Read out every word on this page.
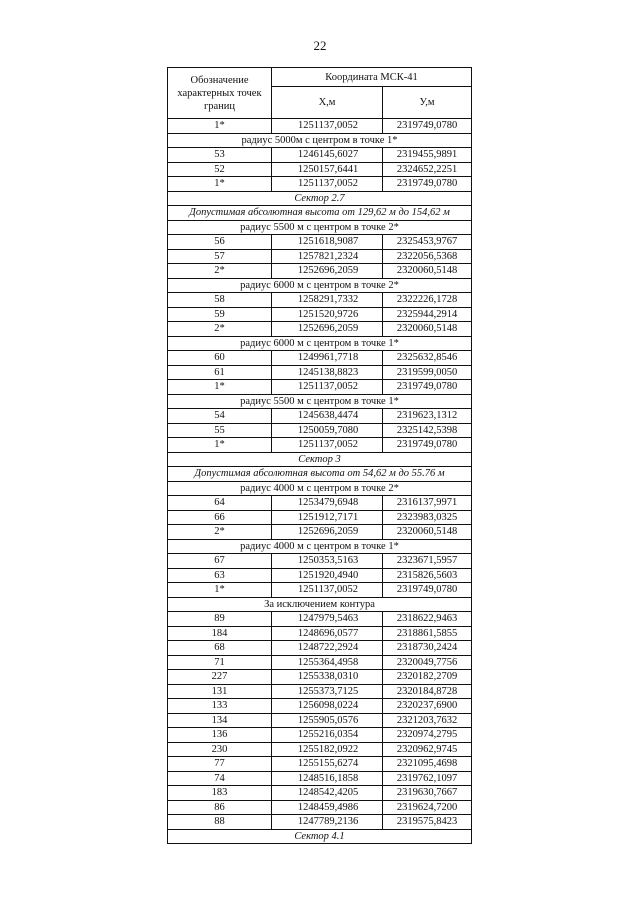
22
Обозначение характерных точек границ	Координата МСК-41	
	X,м	У,м
1*	1251137,0052	2319749,0780
радиус 5000м с центром в точке 1*		
53	1246145,6027	2319455,9891
52	1250157,6441	2324652,2251
1*	1251137,0052	2319749,0780
Сектор 2.7		
Допустимая абсолютная высота от 129,62 м до 154,62 м		
радиус 5500 м с центром в точке 2*		
56	1251618,9087	2325453,9767
57	1257821,2324	2322056,5368
2*	1252696,2059	2320060,5148
радиус 6000 м с центром в точке 2*		
58	1258291,7332	2322226,1728
59	1251520,9726	2325944,2914
2*	1252696,2059	2320060,5148
радиус 6000 м с центром в точке 1*		
60	1249961,7718	2325632,8546
61	1245138,8823	2319599,0050
1*	1251137,0052	2319749,0780
радиус 5500 м с центром в точке 1*		
54	1245638,4474	2319623,1312
55	1250059,7080	2325142,5398
1*	1251137,0052	2319749,0780
Сектор 3		
Допустимая абсолютная высота от 54,62 м до 55.76 м		
радиус 4000 м с центром в точке 2*		
64	1253479,6948	2316137,9971
66	1251912,7171	2323983,0325
2*	1252696,2059	2320060,5148
радиус 4000 м с центром в точке 1*		
67	1250353,5163	2323671,5957
63	1251920,4940	2315826,5603
1*	1251137,0052	2319749,0780
За исключением контура		
89	1247979,5463	2318622,9463
184	1248696,0577	2318861,5855
68	1248722,2924	2318730,2424
71	1255364,4958	2320049,7756
227	1255338,0310	2320182,2709
131	1255373,7125	2320184,8728
133	1256098,0224	2320237,6900
134	1255905,0576	2321203,7632
136	1255216,0354	2320974,2795
230	1255182,0922	2320962,9745
77	1255155,6274	2321095,4698
74	1248516,1858	2319762,1097
183	1248542,4205	2319630,7667
86	1248459,4986	2319624,7200
88	1247789,2136	2319575,8423
Сектор 4.1		
